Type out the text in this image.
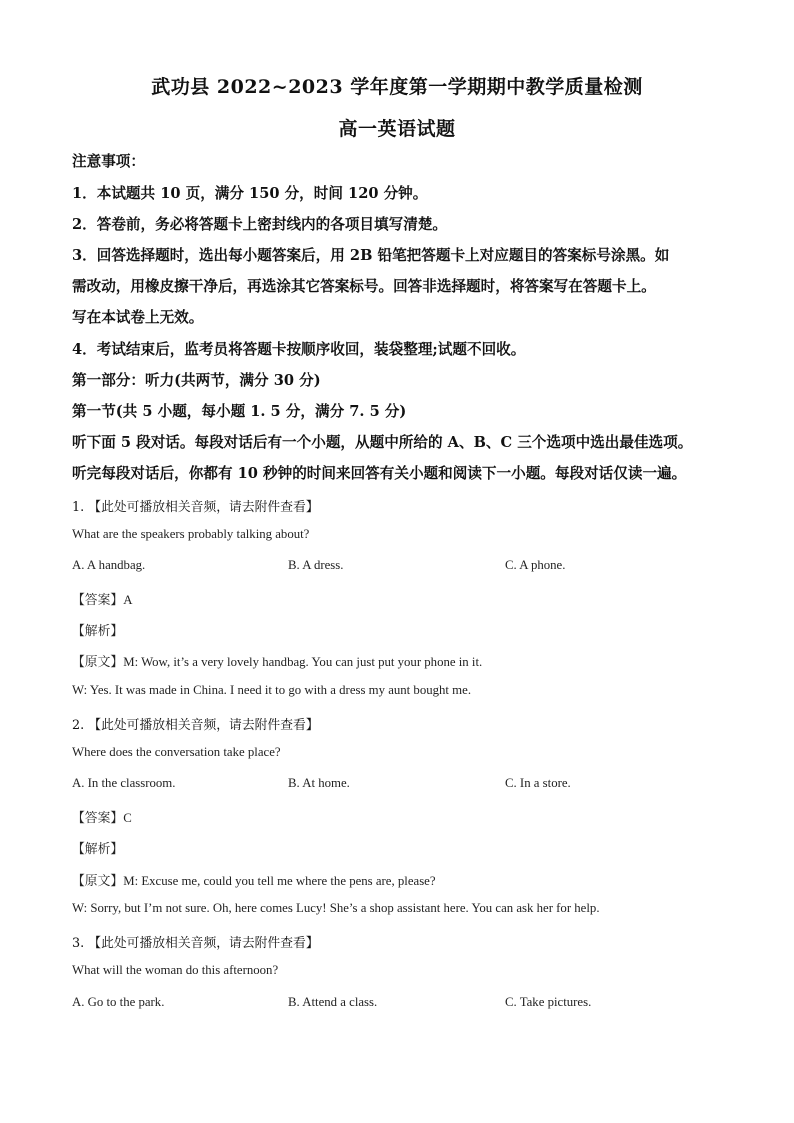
武功县 2022~2023 学年度第一学期期中教学质量检测
高一英语试题
注意事项：
1．本试题共 10 页，满分 150 分，时间 120 分钟。
2．答卷前，务必将答题卡上密封线内的各项目填写清楚。
3．回答选择题时，选出每小题答案后，用 2B 铅笔把答题卡上对应题目的答案标号涂黑。如
需改动，用橡皮擦干净后，再选涂其它答案标号。回答非选择题时，将答案写在答题卡上。
写在本试卷上无效。
4．考试结束后，监考员将答题卡按顺序收回，装袋整理;试题不回收。
第一部分：听力(共两节，满分 30 分)
第一节(共 5 小题，每小题 1. 5 分，满分 7. 5 分)
听下面 5 段对话。每段对话后有一个小题，从题中所给的 A、B、C 三个选项中选出最佳选项。
听完每段对话后，你都有 10 秒钟的时间来回答有关小题和阅读下一小题。每段对话仅读一遍。
1. 【此处可播放相关音频，请去附件查看】
What are the speakers probably talking about?
A. A handbag.	B. A dress.	C. A phone.
【答案】A
【解析】
【原文】M: Wow, it’s a very lovely handbag. You can just put your phone in it.
W: Yes. It was made in China. I need it to go with a dress my aunt bought me.
2. 【此处可播放相关音频，请去附件查看】
Where does the conversation take place?
A. In the classroom.	B. At home.	C. In a store.
【答案】C
【解析】
【原文】M: Excuse me, could you tell me where the pens are, please?
W: Sorry, but I’m not sure. Oh, here comes Lucy! She’s a shop assistant here. You can ask her for help.
3. 【此处可播放相关音频，请去附件查看】
What will the woman do this afternoon?
A. Go to the park.	B. Attend a class.	C. Take pictures.
